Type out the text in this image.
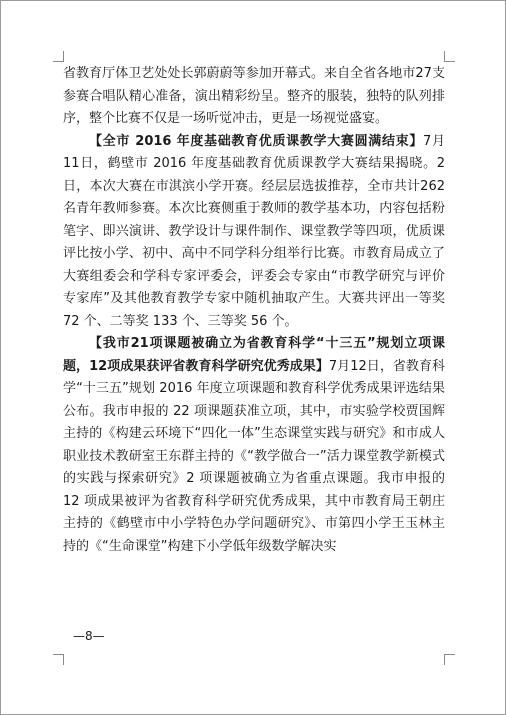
省教育厅体卫艺处处长郭蔚蔚等参加开幕式。来自全省各地市27支参赛合唱队精心准备，演出精彩纷呈。整齐的服装，独特的队列排序，整个比赛不仅是一场听觉冲击，更是一场视觉盛宴。

【全市 2016 年度基础教育优质课教学大赛圆满结束】7月11日，鹤壁市 2016 年度基础教育优质课教学大赛结果揭晓。2日，本次大赛在市淇滨小学开赛。经层层选拔推荐，全市共计262名青年教师参赛。本次比赛侧重于教师的教学基本功，内容包括粉笔字、即兴演讲、教学设计与课件制作、课堂教学等四项，优质课评比按小学、初中、高中不同学科分组举行比赛。市教育局成立了大赛组委会和学科专家评委会，评委会专家由“市教学研究与评价专家库”及其他教育教学专家中随机抽取产生。大赛共评出一等奖 72 个、二等奖 133 个、三等奖 56 个。

【我市21项课题被确立为省教育科学“十三五”规划立项课题，12项成果获评省教育科学研究优秀成果】7月12日，省教育科学“十三五”规划 2016 年度立项课题和教育科学优秀成果评选结果公布。我市申报的 22 项课题获准立项，其中，市实验学校贾国辉主持的《构建云环境下“四化一体”生态课堂实践与研究》和市成人职业技术教研室王东群主持的《“教学做合一”活力课堂教学新模式的实践与探索研究》2 项课题被确立为省重点课题。我市申报的 12 项成果被评为省教育科学研究优秀成果，其中市教育局王朝庄主持的《鹤壁市中小学特色办学问题研究》、市第四小学王玉林主持的《“生命课堂”构建下小学低年级数学解决实

—8—
